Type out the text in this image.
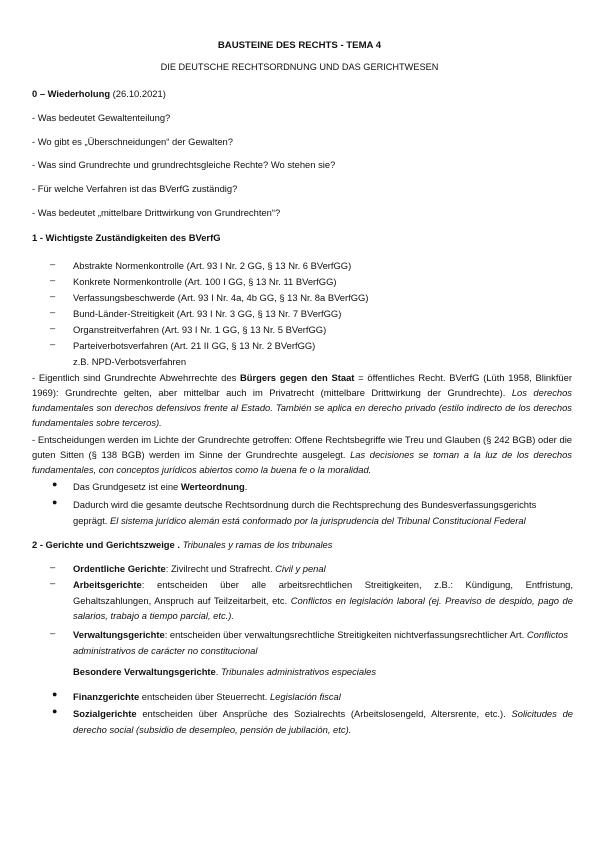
BAUSTEINE DES RECHTS - TEMA 4
DIE DEUTSCHE RECHTSORDNUNG UND DAS GERICHTWESEN
0 – Wiederholung (26.10.2021)
- Was bedeutet Gewaltenteilung?
- Wo gibt es „Überschneidungen“ der Gewalten?
- Was sind Grundrechte und grundrechtsgleiche Rechte? Wo stehen sie?
- Für welche Verfahren ist das BVerfG zuständig?
- Was bedeutet „mittelbare Drittwirkung von Grundrechten“?
1 - Wichtigste Zuständigkeiten des BVerfG
–	Abstrakte Normenkontrolle (Art. 93 I Nr. 2 GG, § 13 Nr. 6 BVerfGG)
–	Konkrete Normenkontrolle (Art. 100 I GG, § 13 Nr. 11 BVerfGG)
–	Verfassungsbeschwerde (Art. 93 I Nr. 4a, 4b GG, § 13 Nr. 8a BVerfGG)
–	Bund-Länder-Streitigkeit (Art. 93 I Nr. 3 GG, § 13 Nr. 7 BVerfGG)
–	Organstreitverfahren (Art. 93 I Nr. 1 GG, § 13 Nr. 5 BVerfGG)
–	Parteiverbotsverfahren (Art. 21 II GG, § 13 Nr. 2 BVerfGG)
z.B. NPD-Verbotsverfahren
- Eigentlich sind Grundrechte Abwehrrechte des Bürgers gegen den Staat = öffentliches Recht. BVerfG (Lüth 1958, Blinkfüer 1969): Grundrechte gelten, aber mittelbar auch im Privatrecht (mittelbare Drittwirkung der Grundrechte). Los derechos fundamentales son derechos defensivos frente al Estado. También se aplica en derecho privado (estilo indirecto de los derechos fundamentales sobre terceros).
- Entscheidungen werden im Lichte der Grundrechte getroffen: Offene Rechtsbegriffe wie Treu und Glauben (§ 242 BGB) oder die guten Sitten (§ 138 BGB) werden im Sinne der Grundrechte ausgelegt. Las decisiones se toman a la luz de los derechos fundamentales, con conceptos jurídicos abiertos como la buena fe o la moralidad.
● Das Grundgesetz ist eine Werteordnung.
● Dadurch wird die gesamte deutsche Rechtsordnung durch die Rechtsprechung des Bundesverfassungsgerichts geprägt. El sistema jurídico alemán está conformado por la jurisprudencia del Tribunal Constitucional Federal
2 - Gerichte und Gerichtszweige . Tribunales y ramas de los tribunales
–	Ordentliche Gerichte: Zivilrecht und Strafrecht. Civil y penal
–	Arbeitsgerichte: entscheiden über alle arbeitsrechtlichen Streitigkeiten, z.B.: Kündigung, Entfristung, Gehaltszahlungen, Anspruch auf Teilzeitarbeit, etc. Conflictos en legislación laboral (ej. Preaviso de despido, pago de salarios, trabajo a tiempo parcial, etc.).
–	Verwaltungsgerichte: entscheiden über verwaltungsrechtliche Streitigkeiten nichtverfassungsrechtlicher Art. Conflictos administrativos de carácter no constitucional
Besondere Verwaltungsgerichte. Tribunales administrativos especiales
● Finanzgerichte entscheiden über Steuerrecht. Legislación fiscal
● Sozialgerichte entscheiden über Ansprüche des Sozialrechts (Arbeitslosengeld, Altersrente, etc.). Solicitudes de derecho social (subsidio de desempleo, pensión de jubilación, etc).
